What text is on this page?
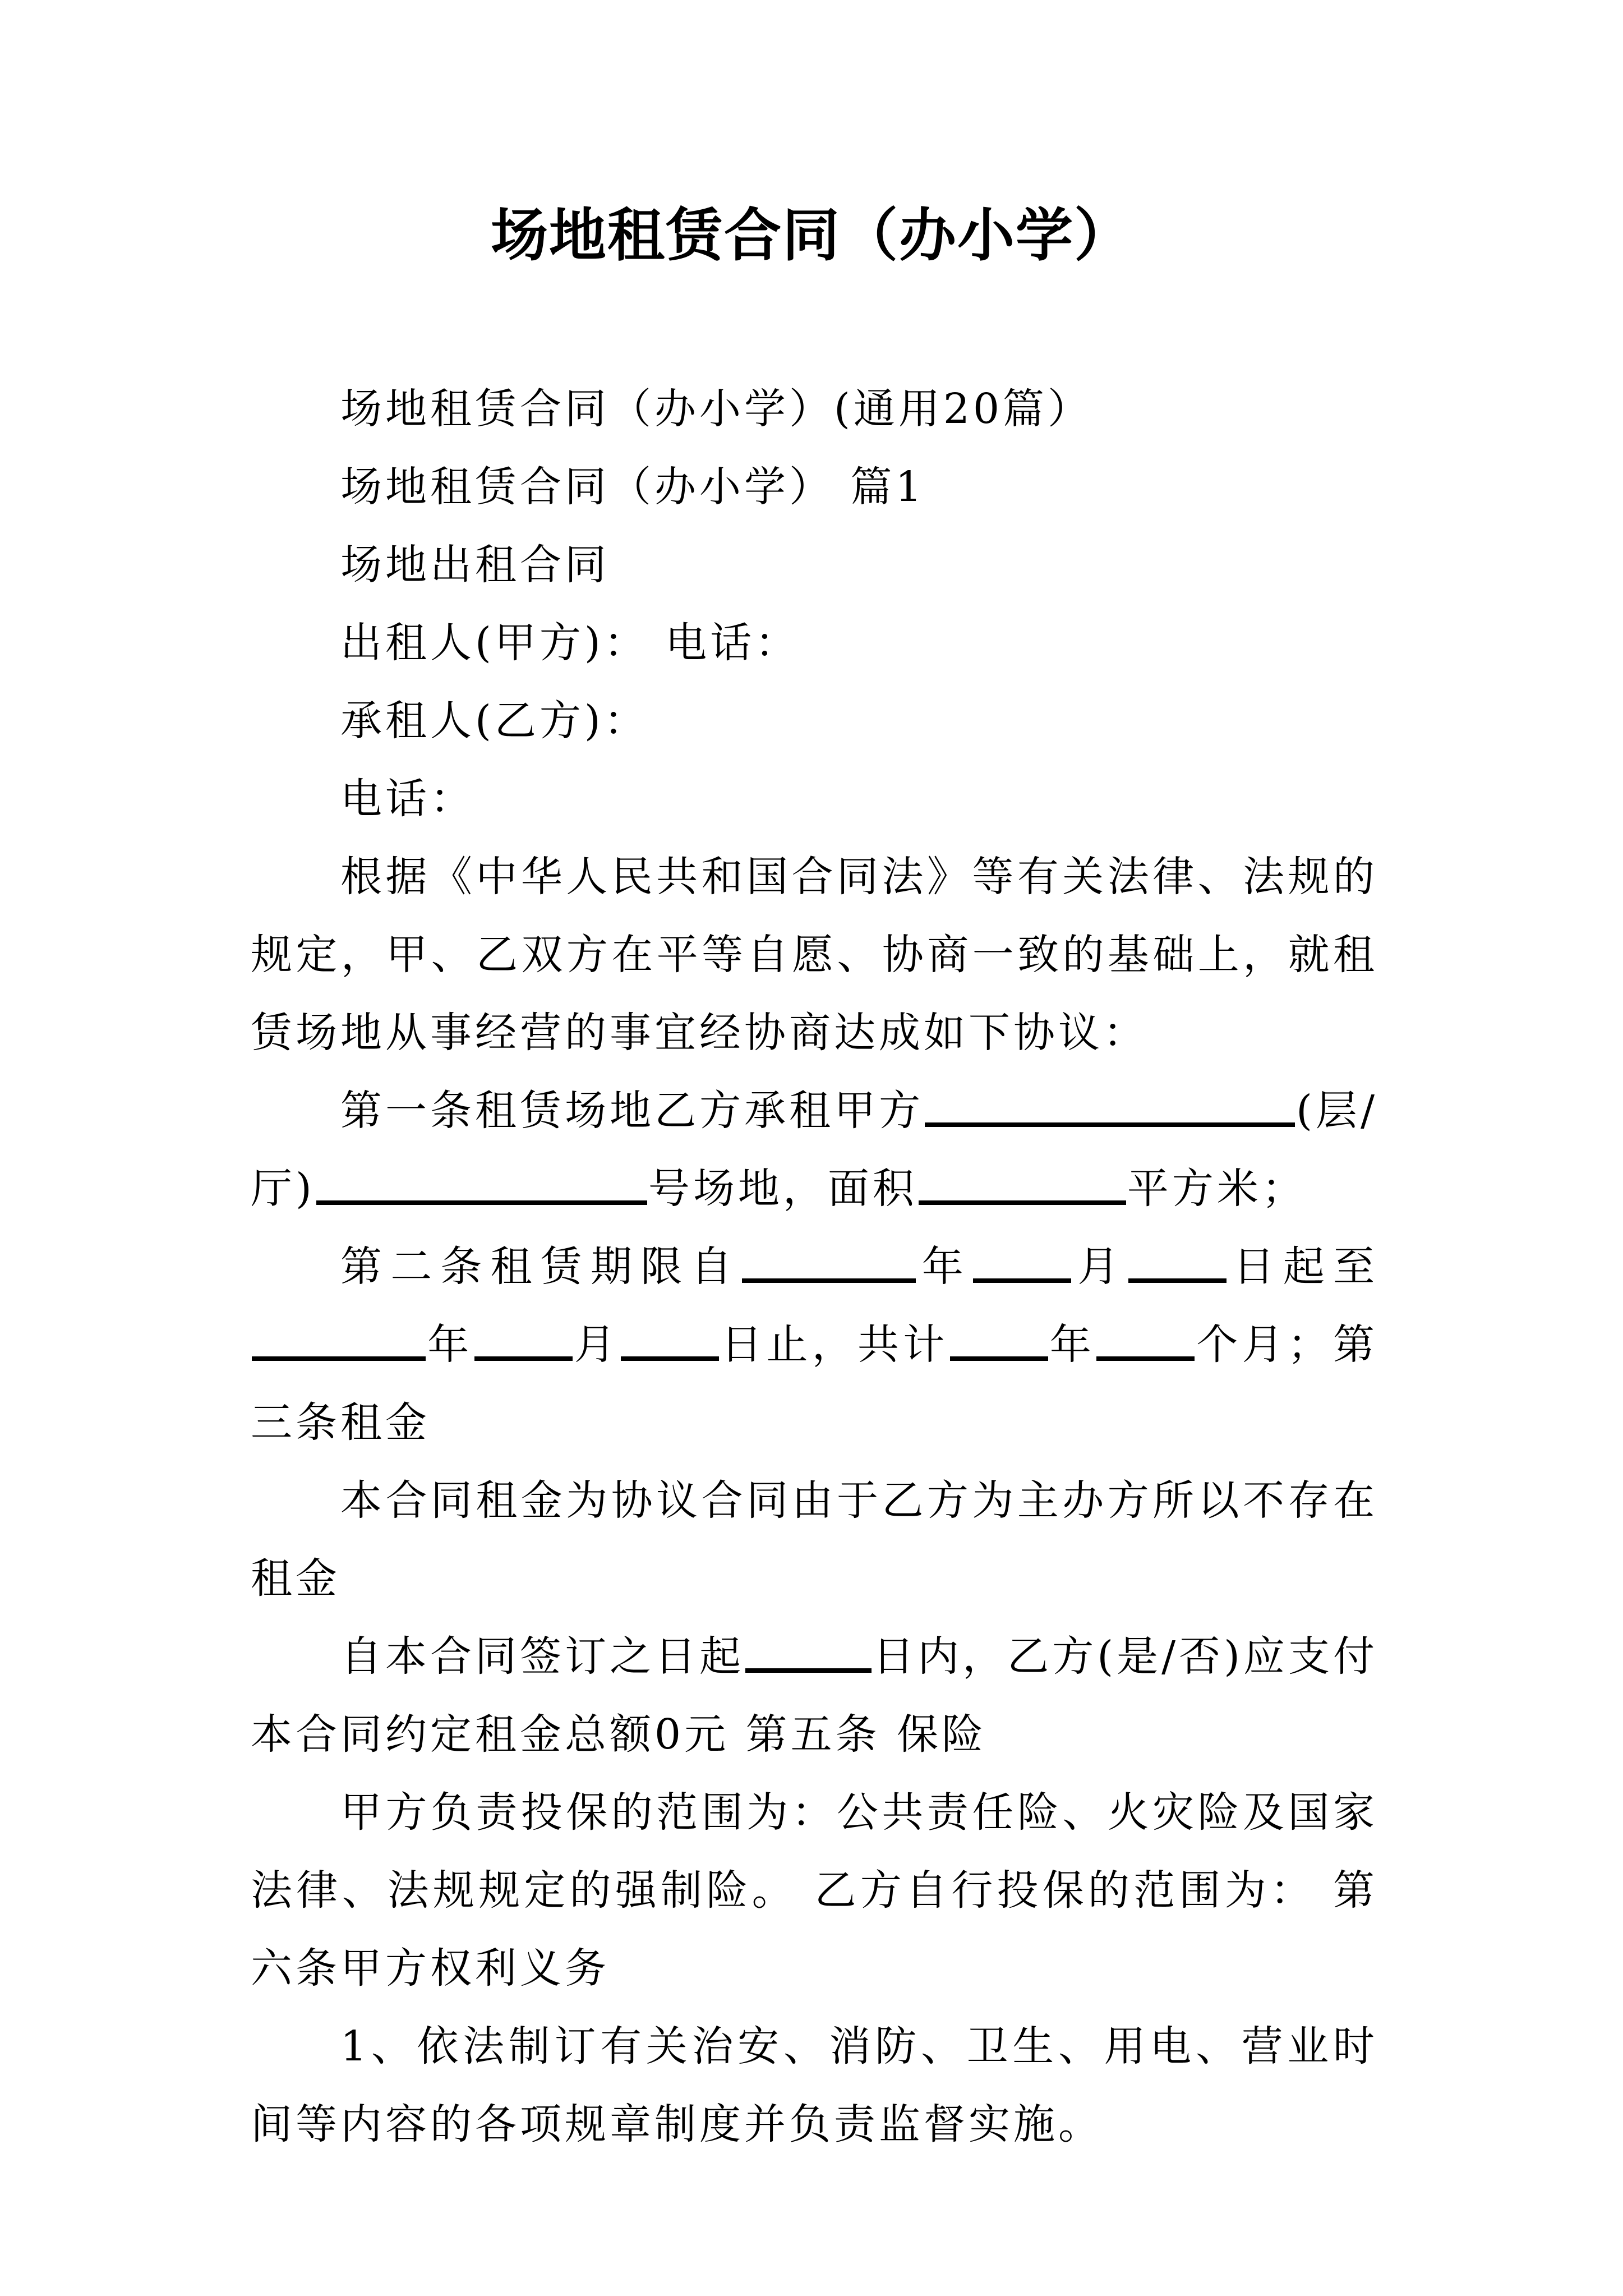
场地租赁合同（办小学）

场地租赁合同（办小学）(通用20篇）

场地租赁合同（办小学） 篇1

场地出租合同

出租人(甲方)： 电话：

承租人(乙方)：

电话：

根据《中华人民共和国合同法》等有关法律、法规的规定，甲、乙双方在平等自愿、协商一致的基础上，就租赁场地从事经营的事宜经协商达成如下协议：

第一条租赁场地乙方承租甲方	(层/厅)	号场地，面积	平方米；

第二条租赁期限自	年 月 日起至年 月 日止，共计 年 个月；第三条租金

本合同租金为协议合同由于乙方为主办方所以不存在租金

自本合同签订之日起	日内，乙方(是/否)应支付本合同约定租金总额0元 第五条 保险

甲方负责投保的范围为：公共责任险、火灾险及国家法律、法规规定的强制险。 乙方自行投保的范围为： 第六条甲方权利义务

1、依法制订有关治安、消防、卫生、用电、营业时间等内容的各项规章制度并负责监督实施。
